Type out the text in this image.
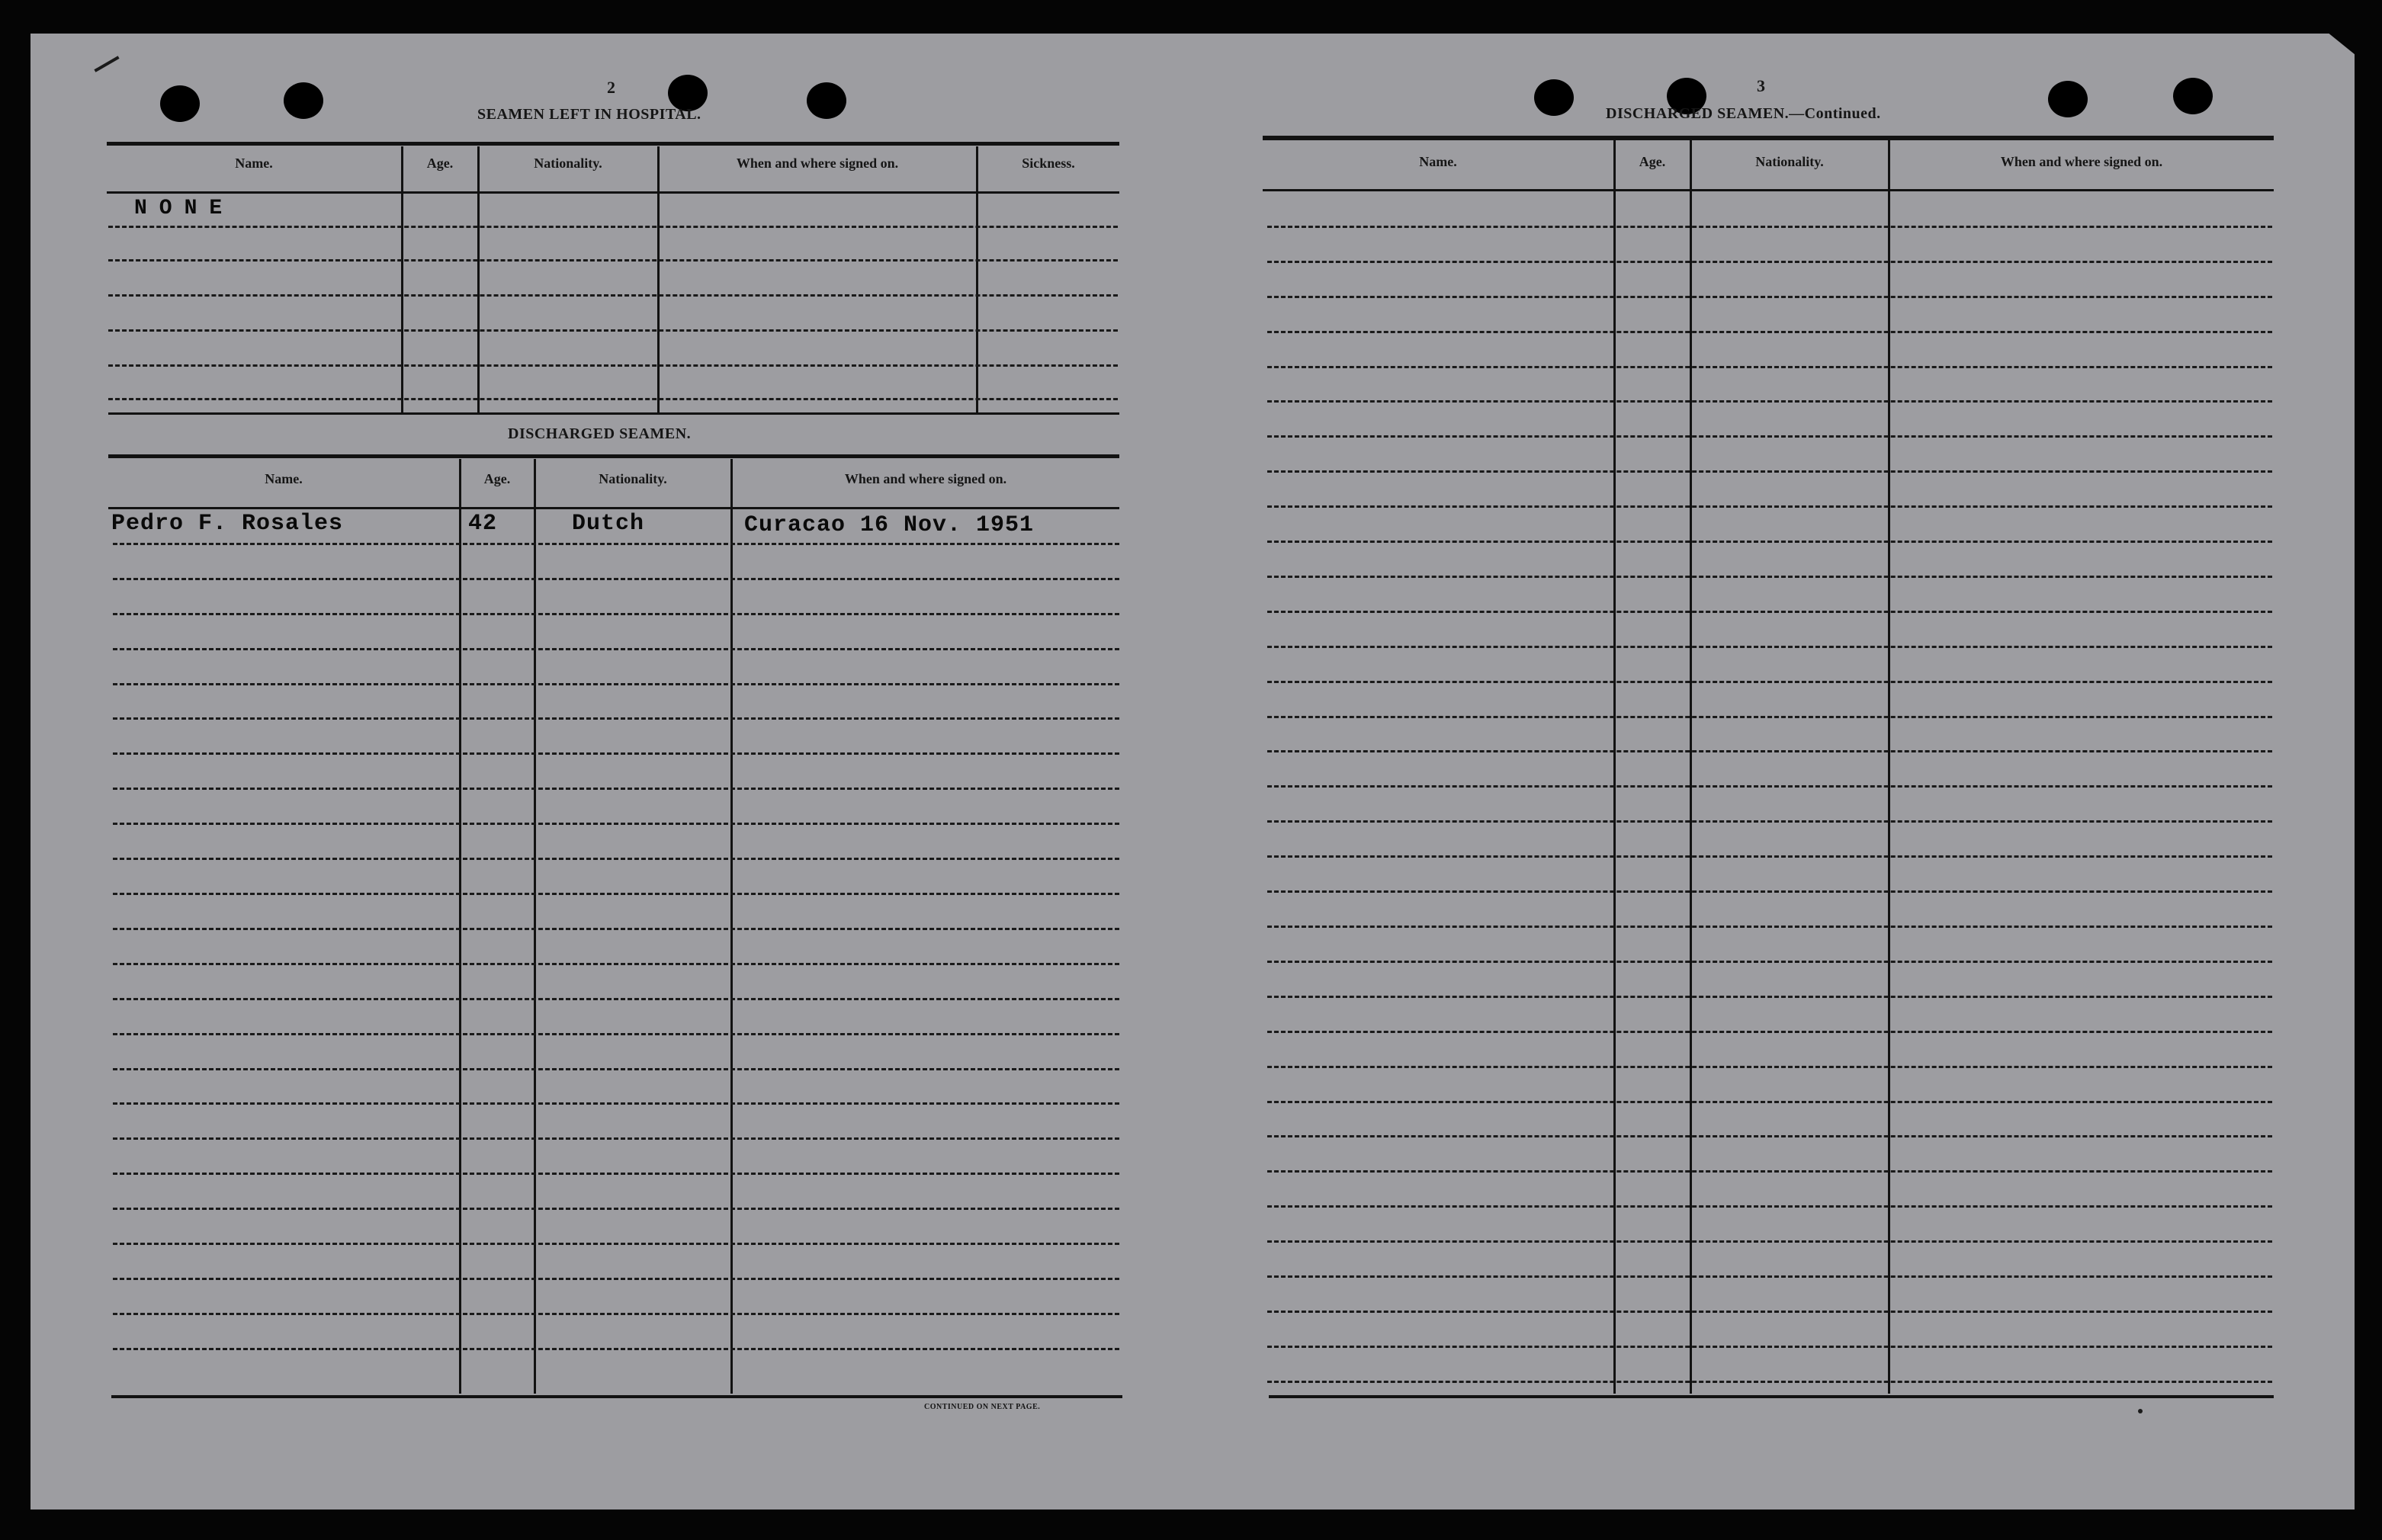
2
SEAMEN LEFT IN HOSPITAL.
Name.	Age.	Nationality.	When and where signed on.	Sickness.
NONE
DISCHARGED SEAMEN.
Name.	Age.	Nationality.	When and where signed on.
Pedro F. Rosales	42	Dutch	Curacao 16 Nov. 1951
CONTINUED ON NEXT PAGE.
3
DISCHARGED SEAMEN.—Continued.
Name.	Age.	Nationality.	When and where signed on.
